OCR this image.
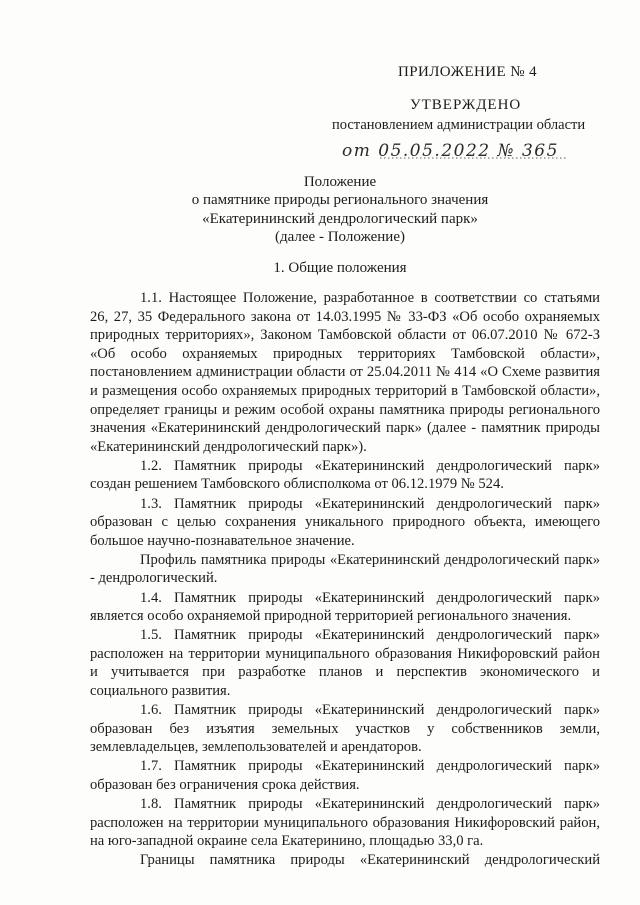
ПРИЛОЖЕНИЕ № 4
УТВЕРЖДЕНО
постановлением администрации области
от 05.05.2022 № 365
Положение
о памятнике природы регионального значения
«Екатерининский дендрологический парк»
(далее - Положение)
1. Общие положения

1.1. Настоящее Положение, разработанное в соответствии со статьями 26, 27, 35 Федерального закона от 14.03.1995 № 33-ФЗ «Об особо охраняемых природных территориях», Законом Тамбовской области от 06.07.2010 № 672-З «Об особо охраняемых природных территориях Тамбовской области», постановлением администрации области от 25.04.2011 № 414 «О Схеме развития и размещения особо охраняемых природных территорий в Тамбовской области», определяет границы и режим особой охраны памятника природы регионального значения «Екатерининский дендрологический парк» (далее - памятник природы «Екатерининский дендрологический парк»).

1.2. Памятник природы «Екатерининский дендрологический парк» создан решением Тамбовского облисполкома от 06.12.1979 № 524.

1.3. Памятник природы «Екатерининский дендрологический парк» образован с целью сохранения уникального природного объекта, имеющего большое научно-познавательное значение.

Профиль памятника природы «Екатерининский дендрологический парк» - дендрологический.

1.4. Памятник природы «Екатерининский дендрологический парк» является особо охраняемой природной территорией регионального значения.

1.5. Памятник природы «Екатерининский дендрологический парк» расположен на территории муниципального образования Никифоровский район и учитывается при разработке планов и перспектив экономического и социального развития.

1.6. Памятник природы «Екатерининский дендрологический парк» образован без изъятия земельных участков у собственников земли, землевладельцев, землепользователей и арендаторов.

1.7. Памятник природы «Екатерининский дендрологический парк» образован без ограничения срока действия.

1.8. Памятник природы «Екатерининский дендрологический парк» расположен на территории муниципального образования Никифоровский район, на юго-западной окраине села Екатеринино, площадью 33,0 га.

Границы памятника природы «Екатерининский дендрологический
